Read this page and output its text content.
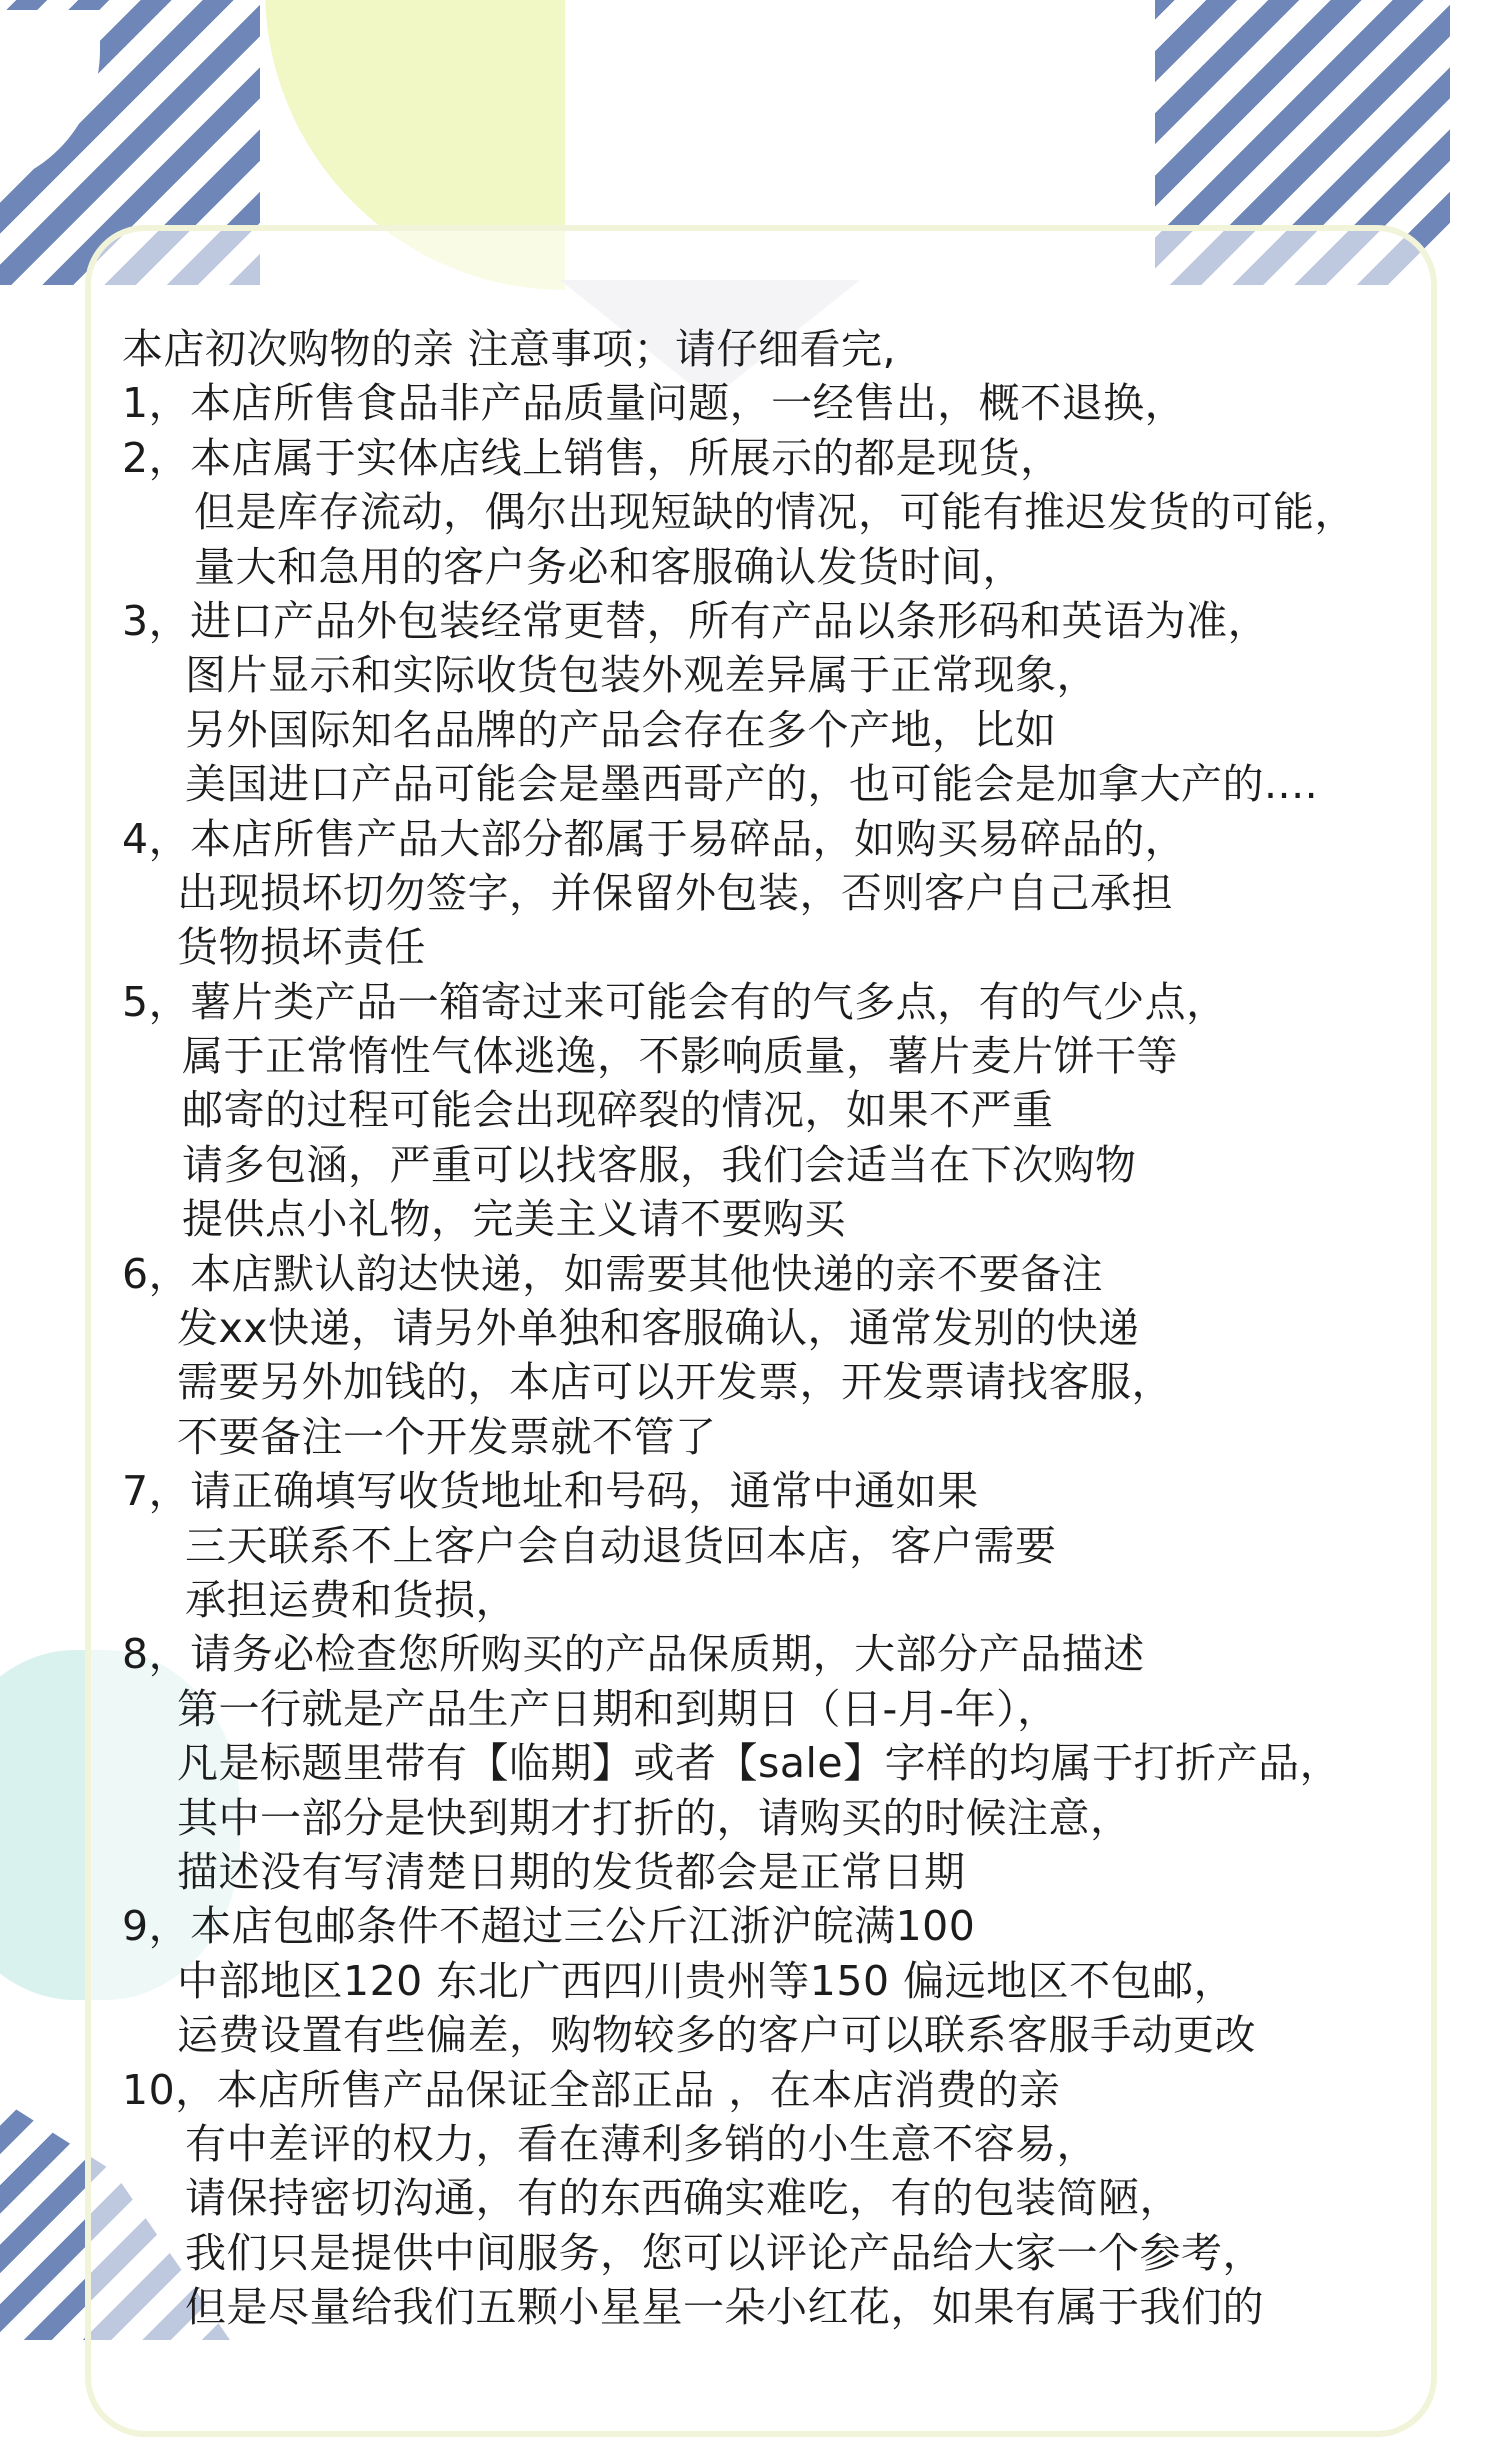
本店初次购物的亲 注意事项；请仔细看完,
1，本店所售食品非产品质量问题，一经售出，概不退换，
2，本店属于实体店线上销售，所展示的都是现货，
但是库存流动，偶尔出现短缺的情况，可能有推迟发货的可能，
量大和急用的客户务必和客服确认发货时间，
3，进口产品外包装经常更替，所有产品以条形码和英语为准，
图片显示和实际收货包装外观差异属于正常现象，
另外国际知名品牌的产品会存在多个产地，比如
美国进口产品可能会是墨西哥产的，也可能会是加拿大产的....
4，本店所售产品大部分都属于易碎品，如购买易碎品的，
出现损坏切勿签字，并保留外包装，否则客户自己承担
货物损坏责任
5，薯片类产品一箱寄过来可能会有的气多点，有的气少点，
属于正常惰性气体逃逸，不影响质量，薯片麦片饼干等
邮寄的过程可能会出现碎裂的情况，如果不严重
请多包涵，严重可以找客服，我们会适当在下次购物
提供点小礼物，完美主义请不要购买
6，本店默认韵达快递，如需要其他快递的亲不要备注
发xx快递，请另外单独和客服确认，通常发别的快递
需要另外加钱的，本店可以开发票，开发票请找客服，
不要备注一个开发票就不管了
7，请正确填写收货地址和号码，通常中通如果
三天联系不上客户会自动退货回本店，客户需要
承担运费和货损，
8，请务必检查您所购买的产品保质期，大部分产品描述
第一行就是产品生产日期和到期日（日-月-年），
凡是标题里带有【临期】或者【sale】字样的均属于打折产品，
其中一部分是快到期才打折的，请购买的时候注意，
描述没有写清楚日期的发货都会是正常日期
9，本店包邮条件不超过三公斤江浙沪皖满100
中部地区120 东北广西四川贵州等150 偏远地区不包邮，
运费设置有些偏差，购物较多的客户可以联系客服手动更改
10，本店所售产品保证全部正品 ，在本店消费的亲
有中差评的权力，看在薄利多销的小生意不容易，
请保持密切沟通，有的东西确实难吃，有的包装简陋，
我们只是提供中间服务，您可以评论产品给大家一个参考，
但是尽量给我们五颗小星星一朵小红花，如果有属于我们的
